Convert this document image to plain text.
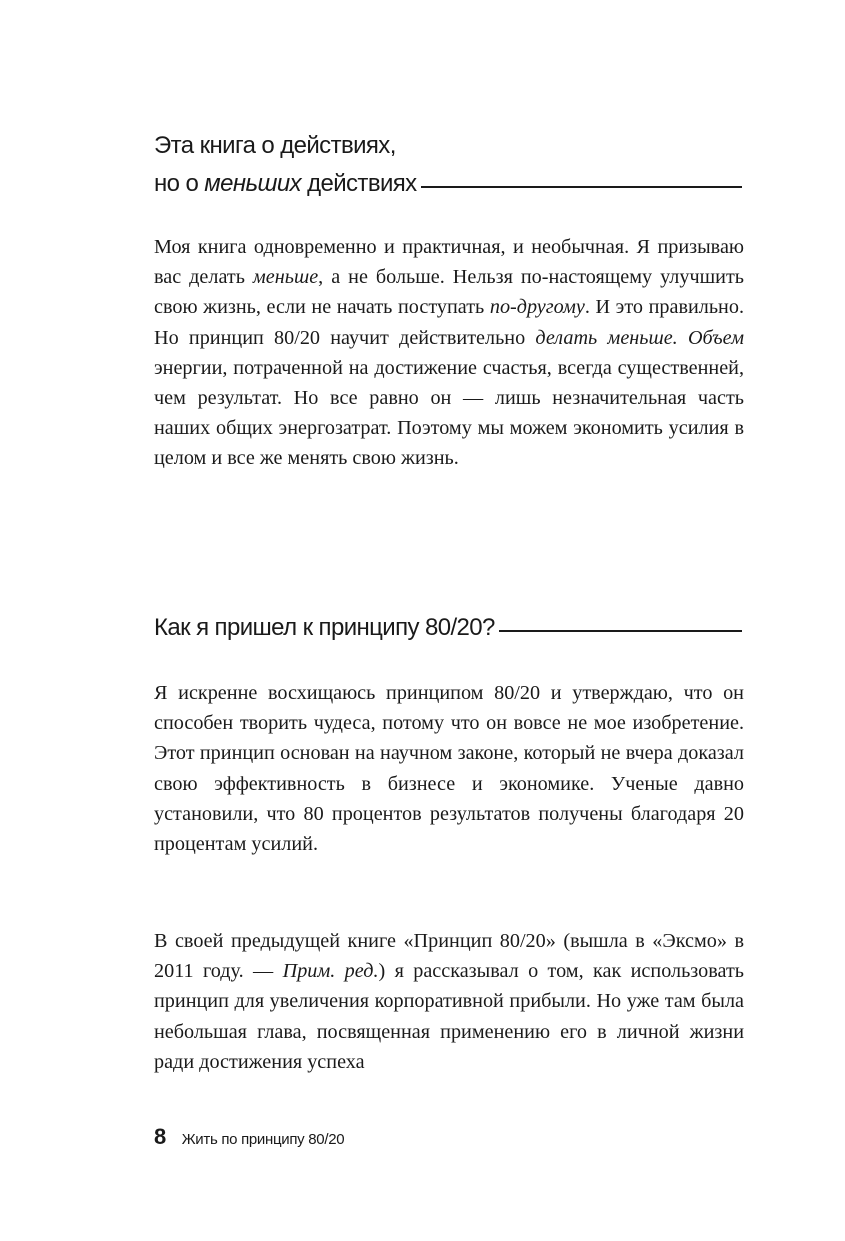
Эта книга о действиях,
но о меньших действиях

Моя книга одновременно и практичная, и необычная. Я призываю вас делать меньше, а не больше. Нельзя по-настоящему улучшить свою жизнь, если не начать поступать по-другому. И это правильно. Но принцип 80/20 научит действительно делать меньше. Объем энергии, потраченной на достижение счастья, всегда существенней, чем результат. Но все равно он — лишь незначительная часть наших общих энергозатрат. Поэтому мы можем экономить усилия в целом и все же менять свою жизнь.

Как я пришел к принципу 80/20?

Я искренне восхищаюсь принципом 80/20 и утверждаю, что он способен творить чудеса, потому что он вовсе не мое изобретение. Этот принцип основан на научном законе, который не вчера доказал свою эффективность в бизнесе и экономике. Ученые давно установили, что 80 процентов результатов получены благодаря 20 процентам усилий.

В своей предыдущей книге «Принцип 80/20» (вышла в «Эксмо» в 2011 году. — Прим. ред.) я рассказывал о том, как использовать принцип для увеличения корпоративной прибыли. Но уже там была небольшая глава, посвященная применению его в личной жизни ради достижения успеха

8 Жить по принципу 80/20
